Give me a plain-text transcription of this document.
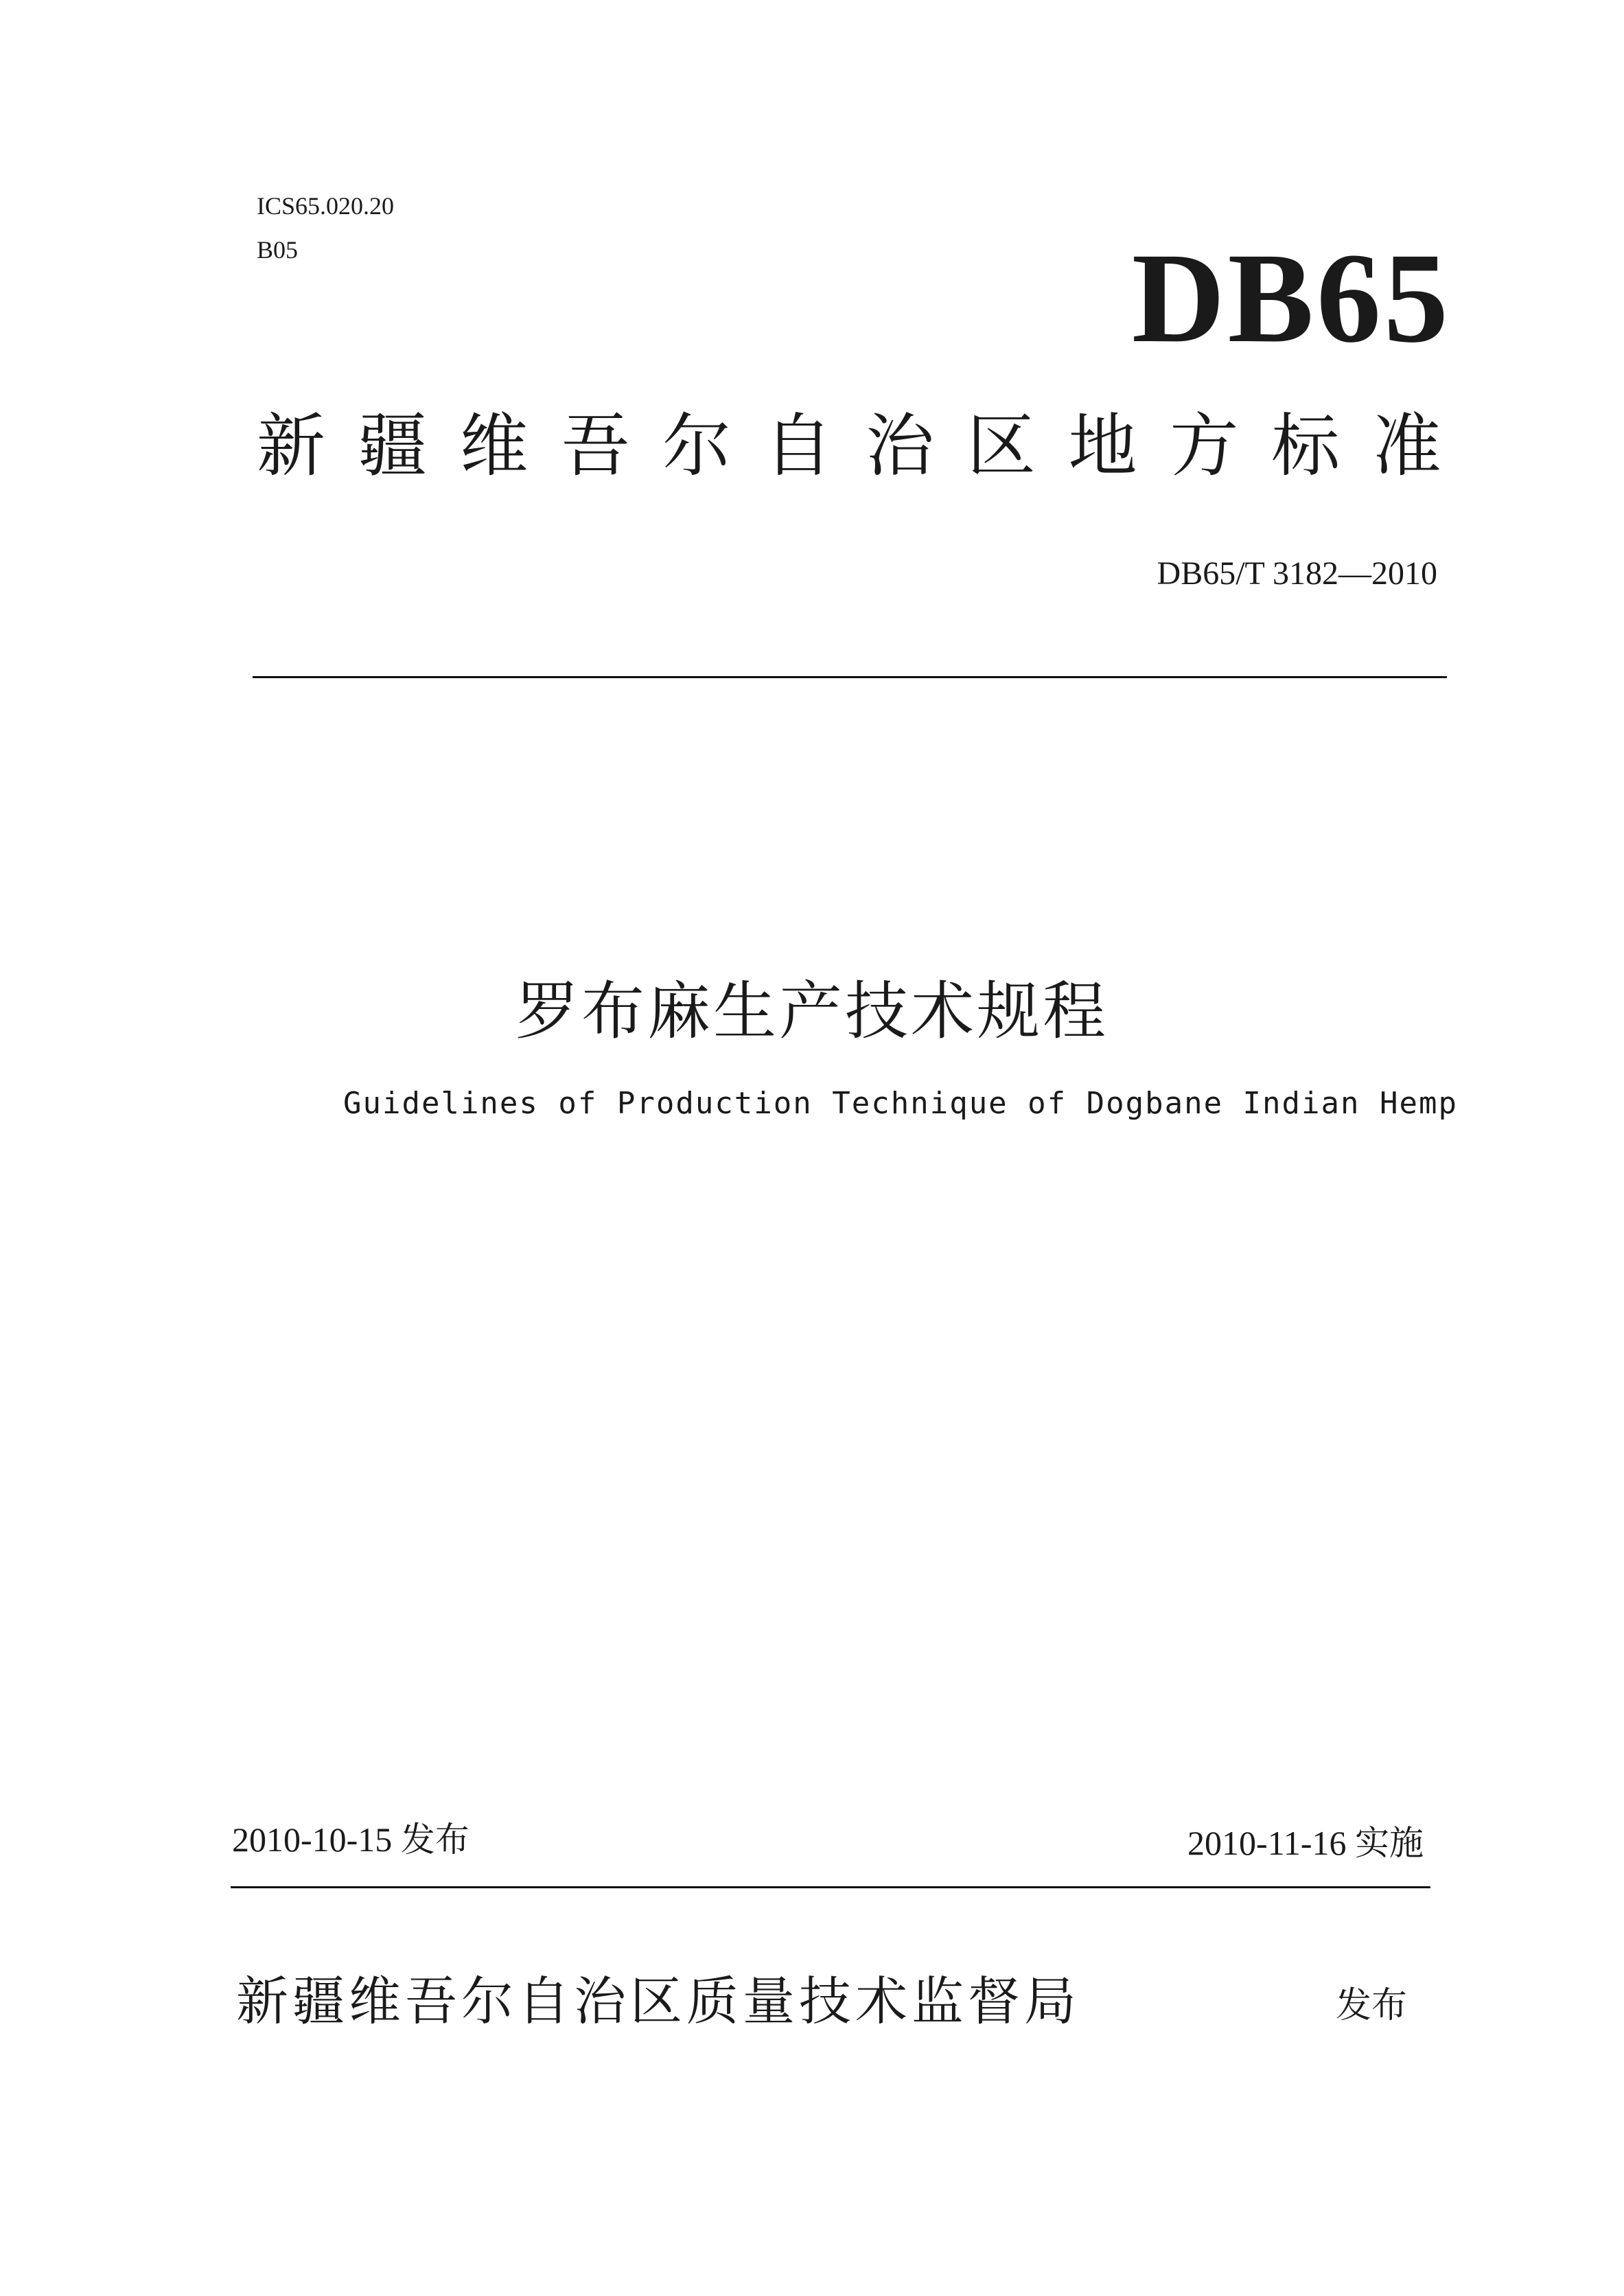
ICS65.020.20
B05	DB65
新疆维吾尔自治区地方标准
DB65/T 3182—2010
罗布麻生产技术规程
Guidelines of Production Technique of Dogbane Indian Hemp
2010-10-15 发布	2010-11-16 实施
新疆维吾尔自治区质量技术监督局	发布
